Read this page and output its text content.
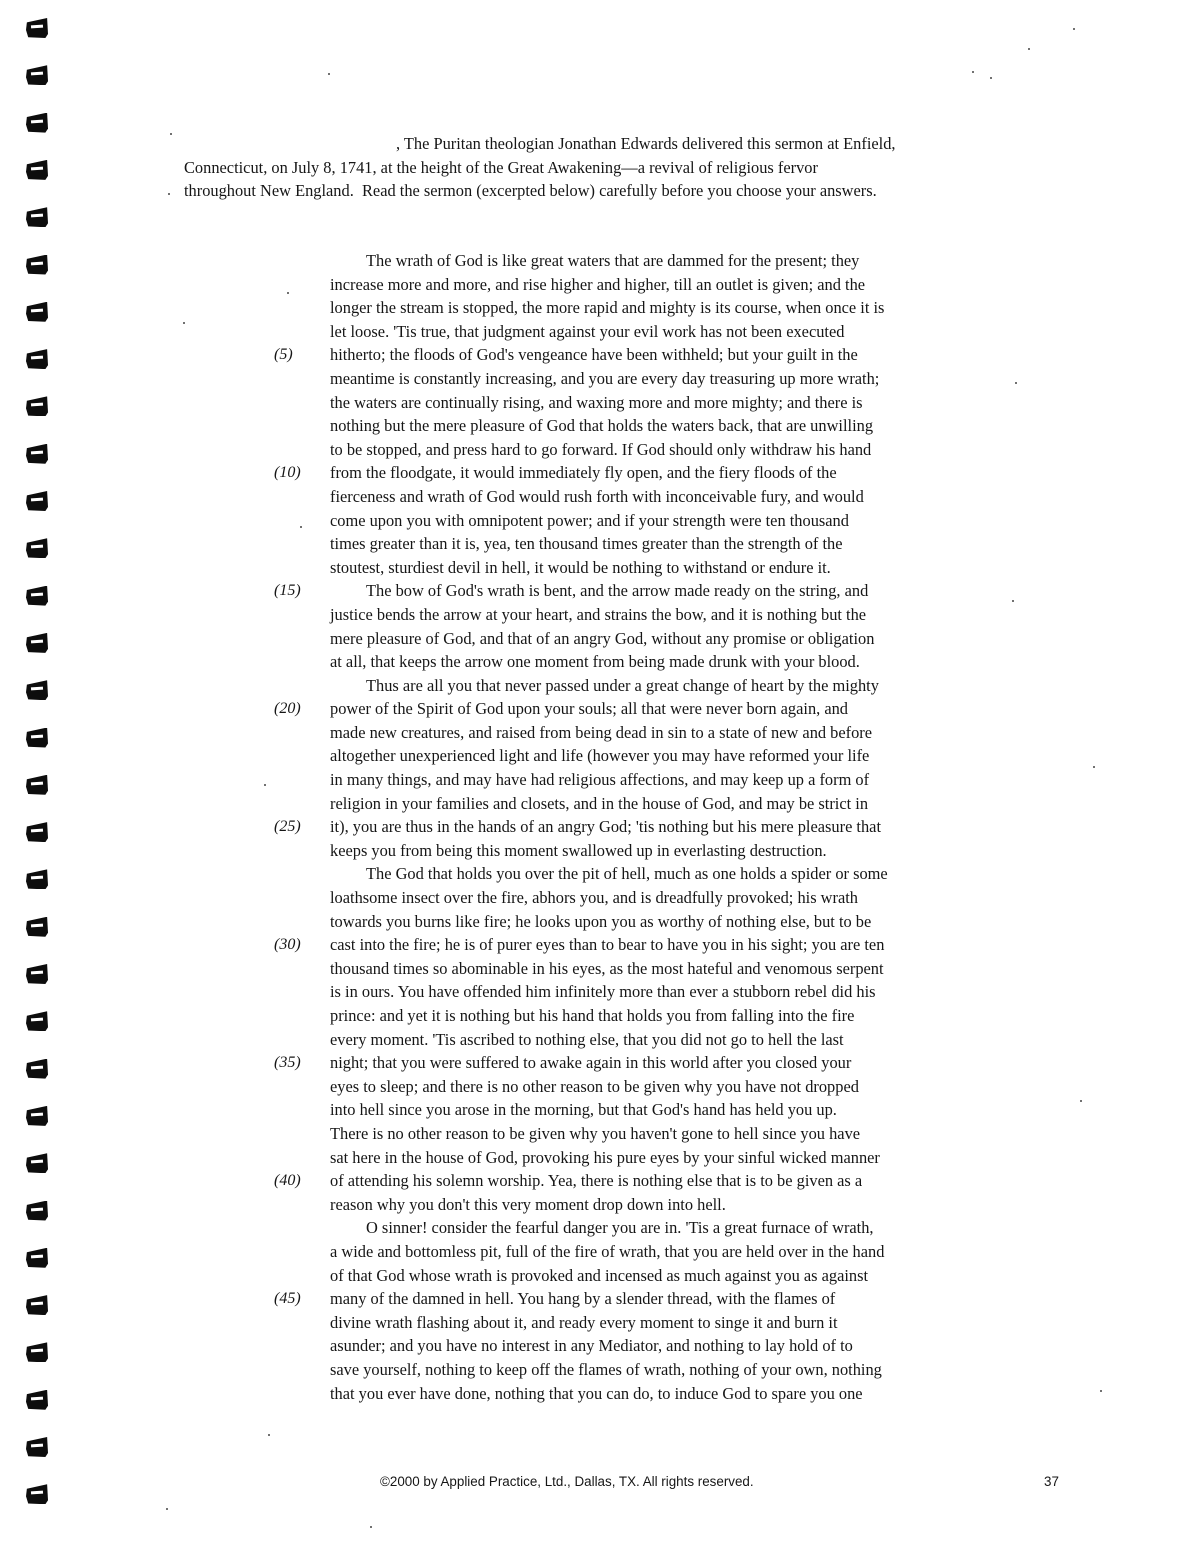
, The Puritan theologian Jonathan Edwards delivered this sermon at Enfield,
Connecticut, on July 8, 1741, at the height of the Great Awakening—a revival of religious fervor
throughout New England.  Read the sermon (excerpted below) carefully before you choose your answers.

The wrath of God is like great waters that are dammed for the present; they
increase more and more, and rise higher and higher, till an outlet is given; and the
longer the stream is stopped, the more rapid and mighty is its course, when once it is
let loose. 'Tis true, that judgment against your evil work has not been executed
(5)	hitherto; the floods of God's vengeance have been withheld; but your guilt in the
meantime is constantly increasing, and you are every day treasuring up more wrath;
the waters are continually rising, and waxing more and more mighty; and there is
nothing but the mere pleasure of God that holds the waters back, that are unwilling
to be stopped, and press hard to go forward. If God should only withdraw his hand
(10)	from the floodgate, it would immediately fly open, and the fiery floods of the
fierceness and wrath of God would rush forth with inconceivable fury, and would
come upon you with omnipotent power; and if your strength were ten thousand
times greater than it is, yea, ten thousand times greater than the strength of the
stoutest, sturdiest devil in hell, it would be nothing to withstand or endure it.
(15)	The bow of God's wrath is bent, and the arrow made ready on the string, and
justice bends the arrow at your heart, and strains the bow, and it is nothing but the
mere pleasure of God, and that of an angry God, without any promise or obligation
at all, that keeps the arrow one moment from being made drunk with your blood.
Thus are all you that never passed under a great change of heart by the mighty
(20)	power of the Spirit of God upon your souls; all that were never born again, and
made new creatures, and raised from being dead in sin to a state of new and before
altogether unexperienced light and life (however you may have reformed your life
in many things, and may have had religious affections, and may keep up a form of
religion in your families and closets, and in the house of God, and may be strict in
(25)	it), you are thus in the hands of an angry God; 'tis nothing but his mere pleasure that
keeps you from being this moment swallowed up in everlasting destruction.
The God that holds you over the pit of hell, much as one holds a spider or some
loathsome insect over the fire, abhors you, and is dreadfully provoked; his wrath
towards you burns like fire; he looks upon you as worthy of nothing else, but to be
(30)	cast into the fire; he is of purer eyes than to bear to have you in his sight; you are ten
thousand times so abominable in his eyes, as the most hateful and venomous serpent
is in ours. You have offended him infinitely more than ever a stubborn rebel did his
prince: and yet it is nothing but his hand that holds you from falling into the fire
every moment. 'Tis ascribed to nothing else, that you did not go to hell the last
(35)	night; that you were suffered to awake again in this world after you closed your
eyes to sleep; and there is no other reason to be given why you have not dropped
into hell since you arose in the morning, but that God's hand has held you up.
There is no other reason to be given why you haven't gone to hell since you have
sat here in the house of God, provoking his pure eyes by your sinful wicked manner
(40)	of attending his solemn worship. Yea, there is nothing else that is to be given as a
reason why you don't this very moment drop down into hell.
O sinner! consider the fearful danger you are in. 'Tis a great furnace of wrath,
a wide and bottomless pit, full of the fire of wrath, that you are held over in the hand
of that God whose wrath is provoked and incensed as much against you as against
(45)	many of the damned in hell. You hang by a slender thread, with the flames of
divine wrath flashing about it, and ready every moment to singe it and burn it
asunder; and you have no interest in any Mediator, and nothing to lay hold of to
save yourself, nothing to keep off the flames of wrath, nothing of your own, nothing
that you ever have done, nothing that you can do, to induce God to spare you one
©2000 by Applied Practice, Ltd., Dallas, TX. All rights reserved.	37
